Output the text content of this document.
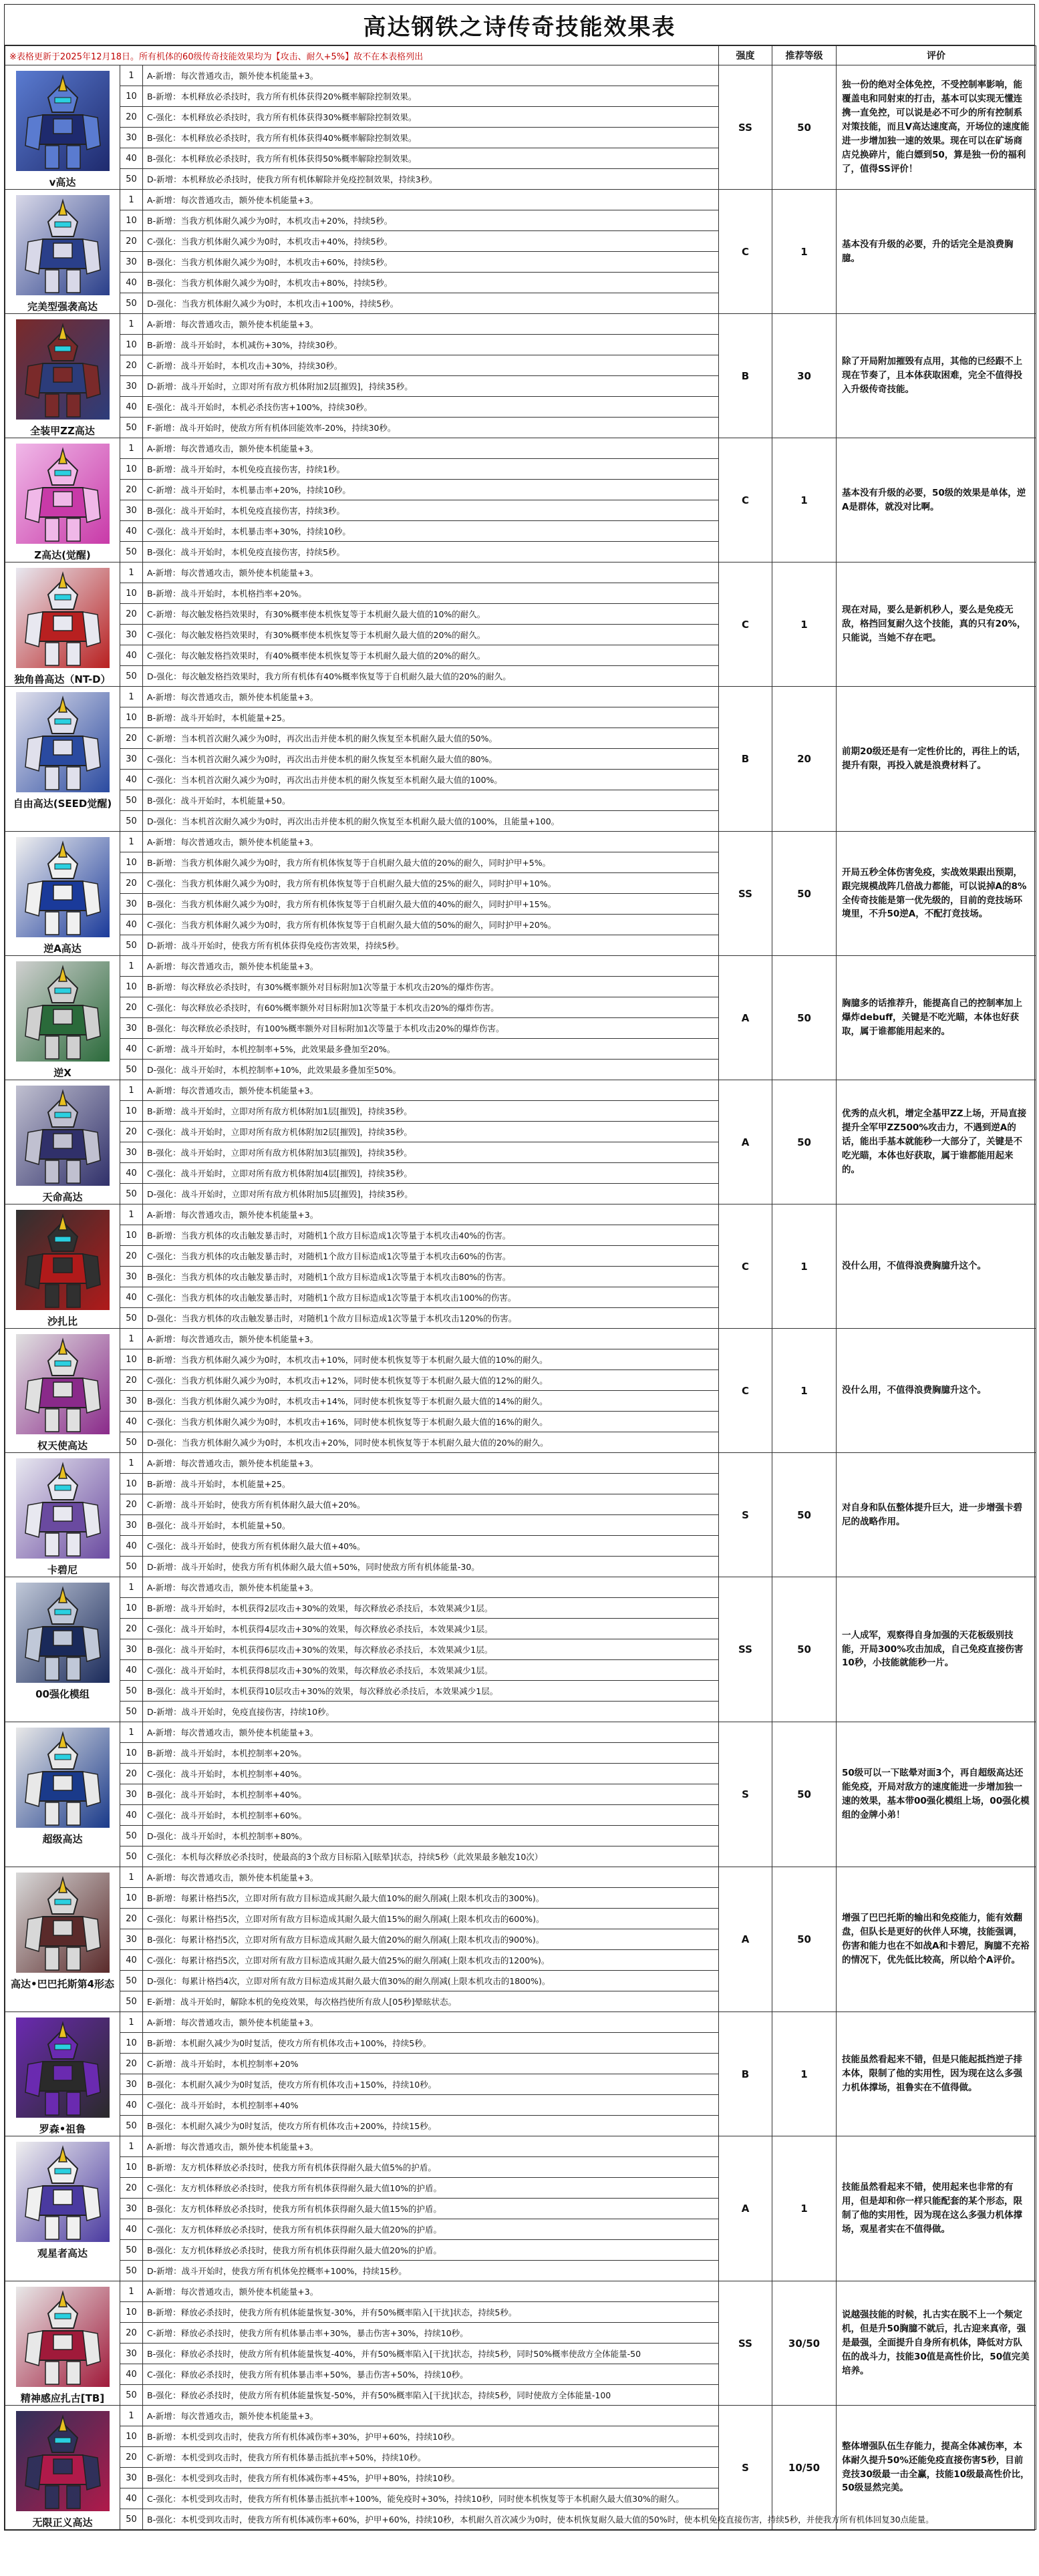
高达钢铁之诗传奇技能效果表
※表格更新于2025年12月18日。所有机体的60级传奇技能效果均为【攻击、耐久+5%】故不在本表格列出			强度	推荐等级	评价

v高达	1	A-新增：每次普通攻击，额外使本机能量+3。	SS	50	独一份的绝对全体免控，不受控制率影响，能覆盖电和同射束的打击，基本可以实现无懂连携一直免控，可以说是必不可少的所有控制系对策技能，而且V高达速度高，开场位的速度能进一步增加独一速的效果。现在可以在矿场商店兑换碎片，能白嫖到50，算是独一份的福利了，值得SS评价！
	10	B-新增：本机释放必杀技时，我方所有机体获得20%概率解除控制效果。			
	20	C-强化：本机释放必杀技时，我方所有机体获得30%概率解除控制效果。			
	30	B-强化：本机释放必杀技时，我方所有机体获得40%概率解除控制效果。			
	40	B-强化：本机释放必杀技时，我方所有机体获得50%概率解除控制效果。			
	50	D-新增：本机释放必杀技时，使我方所有机体解除并免疫控制效果，持续3秒。			

完美型强袭高达	1	A-新增：每次普通攻击，额外使本机能量+3。	C	1	基本没有升级的必要，升的话完全是浪费胸臆。
	10	B-新增：当我方机体耐久减少为0时，本机攻击+20%，持续5秒。			
	20	C-强化：当我方机体耐久减少为0时，本机攻击+40%，持续5秒。			
	30	B-强化：当我方机体耐久减少为0时，本机攻击+60%，持续5秒。			
	40	B-强化：当我方机体耐久减少为0时，本机攻击+80%，持续5秒。			
	50	D-强化：当我方机体耐久减少为0时，本机攻击+100%，持续5秒。			

全装甲ZZ高达	1	A-新增：每次普通攻击，额外使本机能量+3。	B	30	除了开局附加摧毁有点用，其他的已经跟不上现在节奏了，且本体获取困难，完全不值得投入升级传奇技能。
	10	B-新增：战斗开始时，本机减伤+30%，持续30秒。			
	20	C-新增：战斗开始时，本机攻击+30%，持续30秒。			
	30	D-新增：战斗开始时，立即对所有敌方机体附加2层[摧毁]，持续35秒。			
	40	E-强化：战斗开始时，本机必杀技伤害+100%，持续30秒。			
	50	F-新增：战斗开始时，使敌方所有机体回能效率-20%，持续30秒。			

Z高达(觉醒)	1	A-新增：每次普通攻击，额外使本机能量+3。	C	1	基本没有升级的必要，50级的效果是单体，逆A是群体，就没对比啊。
	10	B-新增：战斗开始时，本机免疫直接伤害，持续1秒。			
	20	C-新增：战斗开始时，本机暴击率+20%，持续10秒。			
	30	B-强化：战斗开始时，本机免疫直接伤害，持续3秒。			
	40	C-强化：战斗开始时，本机暴击率+30%，持续10秒。			
	50	B-强化：战斗开始时，本机免疫直接伤害，持续5秒。			

独角兽高达（NT-D）	1	A-新增：每次普通攻击，额外使本机能量+3。	C	1	现在对局，要么是新机秒人，要么是免疫无敌，格挡回复耐久这个技能，真的只有20%，只能说，当她不存在吧。
	10	B-新增：战斗开始时，本机格挡率+20%。			
	20	C-新增：每次触发格挡效果时，有30%概率使本机恢复等于本机耐久最大值的10%的耐久。			
	30	C-强化：每次触发格挡效果时，有30%概率使本机恢复等于本机耐久最大值的20%的耐久。			
	40	C-强化：每次触发格挡效果时，有40%概率使本机恢复等于本机耐久最大值的20%的耐久。			
	50	D-强化：每次触发格挡效果时，我方所有机体有40%概率恢复等于自机耐久最大值的20%的耐久。			

自由高达(SEED觉醒)	1	A-新增：每次普通攻击，额外使本机能量+3。	B	20	前期20级还是有一定性价比的，再往上的话，提升有限，再投入就是浪费材料了。
	10	B-新增：战斗开始时，本机能量+25。			
	20	C-新增：当本机首次耐久减少为0时，再次出击并使本机的耐久恢复至本机耐久最大值的50%。			
	30	C-强化：当本机首次耐久减少为0时，再次出击并使本机的耐久恢复至本机耐久最大值的80%。			
	40	C-强化：当本机首次耐久减少为0时，再次出击并使本机的耐久恢复至本机耐久最大值的100%。			
	50	B-强化：战斗开始时，本机能量+50。			
	50	D-强化：当本机首次耐久减少为0时，再次出击并使本机的耐久恢复至本机耐久最大值的100%，且能量+100。			

逆A高达	1	A-新增：每次普通攻击，额外使本机能量+3。	SS	50	开局五秒全体伤害免疫，实战效果跟出预期，跟完规模战阵几倍战力都能，可以说掉A的8%全传奇技能是第一优先级的，目前的竞技场环境里，不升50逆A，不配打竞技场。
	10	B-新增：当我方机体耐久减少为0时，我方所有机体恢复等于自机耐久最大值的20%的耐久，同时护甲+5%。			
	20	C-强化：当我方机体耐久减少为0时，我方所有机体恢复等于自机耐久最大值的25%的耐久，同时护甲+10%。			
	30	B-强化：当我方机体耐久减少为0时，我方所有机体恢复等于自机耐久最大值的40%的耐久，同时护甲+15%。			
	40	C-强化：当我方机体耐久减少为0时，我方所有机体恢复等于自机耐久最大值的50%的耐久，同时护甲+20%。			
	50	D-新增：战斗开始时，使我方所有机体获得免疫伤害效果，持续5秒。			

逆X	1	A-新增：每次普通攻击，额外使本机能量+3。	A	50	胸臆多的话推荐升，能提高自己的控制率加上爆炸debuff，关键是不吃光瞄，本体也好获取，属于谁都能用起来的。
	10	B-新增：每次释放必杀技时，有30%概率额外对目标附加1次等量于本机攻击20%的爆炸伤害。			
	20	C-强化：每次释放必杀技时，有60%概率额外对目标附加1次等量于本机攻击20%的爆炸伤害。			
	30	B-强化：每次释放必杀技时，有100%概率额外对目标附加1次等量于本机攻击20%的爆炸伤害。			
	40	C-新增：战斗开始时，本机控制率+5%，此效果最多叠加至20%。			
	50	D-强化：战斗开始时，本机控制率+10%，此效果最多叠加至50%。			

天命高达	1	A-新增：每次普通攻击，额外使本机能量+3。	A	50	优秀的点火机，增定全基甲ZZ上场，开局直接提升全军甲ZZ500%攻击力，不遇到逆A的话，能出手基本就能秒一大部分了，关键是不吃光瞄，本体也好获取，属于谁都能用起来的。
	10	B-新增：战斗开始时，立即对所有敌方机体附加1层[摧毁]，持续35秒。			
	20	C-强化：战斗开始时，立即对所有敌方机体附加2层[摧毁]，持续35秒。			
	30	B-强化：战斗开始时，立即对所有敌方机体附加3层[摧毁]，持续35秒。			
	40	C-强化：战斗开始时，立即对所有敌方机体附加4层[摧毁]，持续35秒。			
	50	D-强化：战斗开始时，立即对所有敌方机体附加5层[摧毁]，持续35秒。			

沙扎比	1	A-新增：每次普通攻击，额外使本机能量+3。	C	1	没什么用，不值得浪费胸臆升这个。
	10	B-新增：当我方机体的攻击触发暴击时，对随机1个敌方目标造成1次等量于本机攻击40%的伤害。			
	20	C-强化：当我方机体的攻击触发暴击时，对随机1个敌方目标造成1次等量于本机攻击60%的伤害。			
	30	B-强化：当我方机体的攻击触发暴击时，对随机1个敌方目标造成1次等量于本机攻击80%的伤害。			
	40	C-强化：当我方机体的攻击触发暴击时，对随机1个敌方目标造成1次等量于本机攻击100%的伤害。			
	50	D-强化：当我方机体的攻击触发暴击时，对随机1个敌方目标造成1次等量于本机攻击120%的伤害。			

权天使高达	1	A-新增：每次普通攻击，额外使本机能量+3。	C	1	没什么用，不值得浪费胸臆升这个。
	10	B-新增：当我方机体耐久减少为0时，本机攻击+10%，同时使本机恢复等于本机耐久最大值的10%的耐久。			
	20	C-强化：当我方机体耐久减少为0时，本机攻击+12%，同时使本机恢复等于本机耐久最大值的12%的耐久。			
	30	B-强化：当我方机体耐久减少为0时，本机攻击+14%，同时使本机恢复等于本机耐久最大值的14%的耐久。			
	40	C-强化：当我方机体耐久减少为0时，本机攻击+16%，同时使本机恢复等于本机耐久最大值的16%的耐久。			
	50	D-强化：当我方机体耐久减少为0时，本机攻击+20%，同时使本机恢复等于本机耐久最大值的20%的耐久。			

卡碧尼	1	A-新增：每次普通攻击，额外使本机能量+3。	S	50	对自身和队伍整体提升巨大，进一步增强卡碧尼的战略作用。
	10	B-新增：战斗开始时，本机能量+25。			
	20	C-新增：战斗开始时，使我方所有机体耐久最大值+20%。			
	30	B-强化：战斗开始时，本机能量+50。			
	40	C-强化：战斗开始时，使我方所有机体耐久最大值+40%。			
	50	D-新增：战斗开始时，使我方所有机体耐久最大值+50%，同时使敌方所有机体能量-30。			

00强化模组	1	A-新增：每次普通攻击，额外使本机能量+3。	SS	50	一人成军，观察得自身加强的天花板级别技能，开局300%攻击加成，自己免疫直接伤害10秒，小技能就能秒一片。
	10	B-新增：战斗开始时，本机获得2层攻击+30%的效果，每次释放必杀技后，本效果减少1层。			
	20	C-强化：战斗开始时，本机获得4层攻击+30%的效果，每次释放必杀技后，本效果减少1层。			
	30	B-强化：战斗开始时，本机获得6层攻击+30%的效果，每次释放必杀技后，本效果减少1层。			
	40	C-强化：战斗开始时，本机获得8层攻击+30%的效果，每次释放必杀技后，本效果减少1层。			
	50	B-强化：战斗开始时，本机获得10层攻击+30%的效果，每次释放必杀技后，本效果减少1层。			
	50	D-新增：战斗开始时，免疫直接伤害，持续10秒。			

超级高达	1	A-新增：每次普通攻击，额外使本机能量+3。	S	50	50级可以一下眩晕对面3个，再自超级高达还能免疫，开局对敌方的速度能进一步增加独一速的效果，基本带00强化模组上场，00强化模组的金牌小弟！
	10	B-新增：战斗开始时，本机控制率+20%。			
	20	C-强化：战斗开始时，本机控制率+40%。			
	30	B-强化：战斗开始时，本机控制率+40%。			
	40	C-强化：战斗开始时，本机控制率+60%。			
	50	D-强化：战斗开始时，本机控制率+80%。			
	50	C-强化：本机每次释放必杀技时，使最高的3个敌方目标陷入[眩晕]状态，持续5秒（此效果最多触发10次）			

高达•巴巴托斯第4形态	1	A-新增：每次普通攻击，额外使本机能量+3。	A	50	增强了巴巴托斯的输出和免疫能力，能有效翻盘，但队长是更好的伙伴人环境，技能强调，伤害和能力也在不如战A和卡碧尼，胸臆不充裕的情况下，优先低比较高，所以给个A评价。
	10	B-新增：每累计格挡5次，立即对所有敌方目标造成其耐久最大值10%的耐久削减(上限本机攻击的300%)。			
	20	C-强化：每累计格挡5次，立即对所有敌方目标造成其耐久最大值15%的耐久削减(上限本机攻击的600%)。			
	30	B-强化：每累计格挡5次，立即对所有敌方目标造成其耐久最大值20%的耐久削减(上限本机攻击的900%)。			
	40	C-强化：每累计格挡5次，立即对所有敌方目标造成其耐久最大值25%的耐久削减(上限本机攻击的1200%)。			
	50	D-强化：每累计格挡4次，立即对所有敌方目标造成其耐久最大值30%的耐久削减(上限本机攻击的1800%)。			
	50	E-新增：战斗开始时，解除本机的免疫效果，每次格挡使所有敌人[05秒]晕眩状态。			

罗森•祖鲁	1	A-新增：每次普通攻击，额外使本机能量+3。	B	1	技能虽然看起来不错，但是只能起抵挡逆子排本体，限制了他的实用性，因为现在这么多强力机体撑场，祖鲁实在不值得做。
	10	B-新增：本机耐久减少为0时复活，使攻方所有机体攻击+100%，持续5秒。			
	20	C-新增：战斗开始时，本机控制率+20%			
	30	B-强化：本机耐久减少为0时复活，使攻方所有机体攻击+150%，持续10秒。			
	40	C-强化：战斗开始时，本机控制率+40%			
	50	B-强化：本机耐久减少为0时复活，使攻方所有机体攻击+200%，持续15秒。			

观星者高达	1	A-新增：每次普通攻击，额外使本机能量+3。	A	1	技能虽然看起来不错，使用起来也非常的有用，但是却和你一样只能配套的某个形态，限制了他的实用性，因为现在这么多强力机体撑场，观星者实在不值得做。
	10	B-新增：友方机体释放必杀技时，使我方所有机体获得耐久最大值5%的护盾。			
	20	C-强化：友方机体释放必杀技时，使我方所有机体获得耐久最大值10%的护盾。			
	30	B-强化：友方机体释放必杀技时，使我方所有机体获得耐久最大值15%的护盾。			
	40	C-强化：友方机体释放必杀技时，使我方所有机体获得耐久最大值20%的护盾。			
	50	B-强化：友方机体释放必杀技时，使我方所有机体获得耐久最大值20%的护盾。			
	50	D-新增：战斗开始时，使我方所有机体免控概率+100%，持续15秒。			

精神感应扎古[TB]	1	A-新增：每次普通攻击，额外使本机能量+3。	SS	30/50	说越强技能的时候，扎古实在脱不上一个频定机，但是升50胸臆不就后，扎古迎来真帝，强是最强，全面提升自身所有机体，降低对方队伍的战斗力，技能30值是高性价比，50值完美培养。
	10	B-新增：释放必杀技时，使我方所有机体能量恢复-30%，并有50%概率陷入[干扰]状态，持续5秒。			
	20	C-新增：释放必杀技时，使我方所有机体暴击率+30%，暴击伤害+30%，持续10秒。			
	30	B-强化：释放必杀技时，使敌方所有机体能量恢复-40%，并有50%概率陷入[干扰]状态，持续5秒，同时50%概率使敌方全体能量-50			
	40	C-强化：释放必杀技时，使我方所有机体暴击率+50%，暴击伤害+50%，持续10秒。			
	50	B-强化：释放必杀技时，使敌方所有机体能量恢复-50%，并有50%概率陷入[干扰]状态，持续5秒，同时使敌方全体能量-100			

无限正义高达	1	A-新增：每次普通攻击，额外使本机能量+3。	S	10/50	整体增强队伍生存能力，提高全体减伤率，本体耐久提升50%还能免疫直接伤害5秒，目前竞技30级最一击全赢，技能10级最高性价比，50级显然完美。
	10	B-新增：本机受到攻击时，使我方所有机体减伤率+30%，护甲+60%，持续10秒。			
	20	C-新增：本机受到攻击时，使我方所有机体暴击抵抗率+50%，持续10秒。			
	30	B-强化：本机受到攻击时，使我方所有机体减伤率+45%，护甲+80%，持续10秒。			
	40	C-强化：本机受到攻击时，使我方所有机体暴击抵抗率+100%，能免疫时+30%，持续10秒，同时使本机恢复等于本机耐久最大值30%的耐久。			
	50	B-强化：本机受到攻击时，使我方所有机体减伤率+60%，护甲+60%，持续10秒，本机耐久首次减少为0时，使本机恢复耐久最大值的50%时，使本机免疫直接伤害，持续5秒，并使我方所有机体回复30点能量。			
